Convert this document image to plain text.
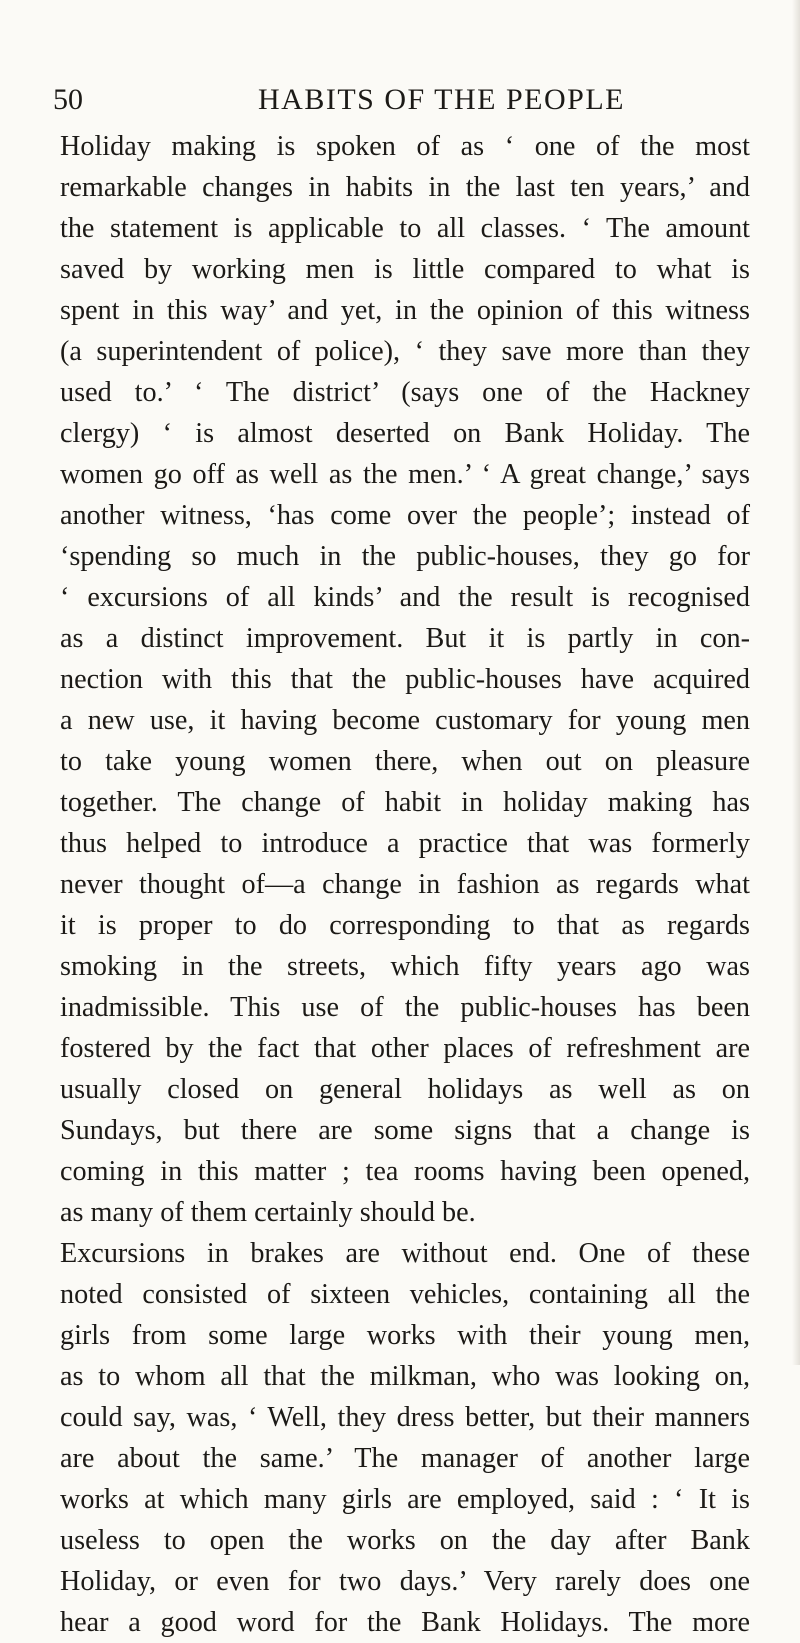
50	HABITS OF THE PEOPLE
Holiday making is spoken of as ‘ one of the most
remarkable changes in habits in the last ten years,’ and
the statement is applicable to all classes. ‘ The amount
saved by working men is little compared to what is
spent in this way’ and yet, in the opinion of this witness
(a superintendent of police), ‘ they save more than they
used to.’ ‘ The district’ (says one of the Hackney
clergy) ‘ is almost deserted on Bank Holiday. The
women go off as well as the men.’ ‘ A great change,’ says
another witness, ‘has come over the people’; instead of
‘spending so much in the public-houses, they go for
‘ excursions of all kinds’ and the result is recognised
as a distinct improvement. But it is partly in con-
nection with this that the public-houses have acquired
a new use, it having become customary for young men
to take young women there, when out on pleasure
together. The change of habit in holiday making has
thus helped to introduce a practice that was formerly
never thought of—a change in fashion as regards what
it is proper to do corresponding to that as regards
smoking in the streets, which fifty years ago was
inadmissible. This use of the public-houses has been
fostered by the fact that other places of refreshment are
usually closed on general holidays as well as on
Sundays, but there are some signs that a change is
coming in this matter ; tea rooms having been opened,
as many of them certainly should be.
Excursions in brakes are without end. One of these
noted consisted of sixteen vehicles, containing all the
girls from some large works with their young men,
as to whom all that the milkman, who was looking on,
could say, was, ‘ Well, they dress better, but their manners
are about the same.’ The manager of another large
works at which many girls are employed, said : ‘ It is
useless to open the works on the day after Bank
Holiday, or even for two days.’ Very rarely does one
hear a good word for the Bank Holidays. The more
